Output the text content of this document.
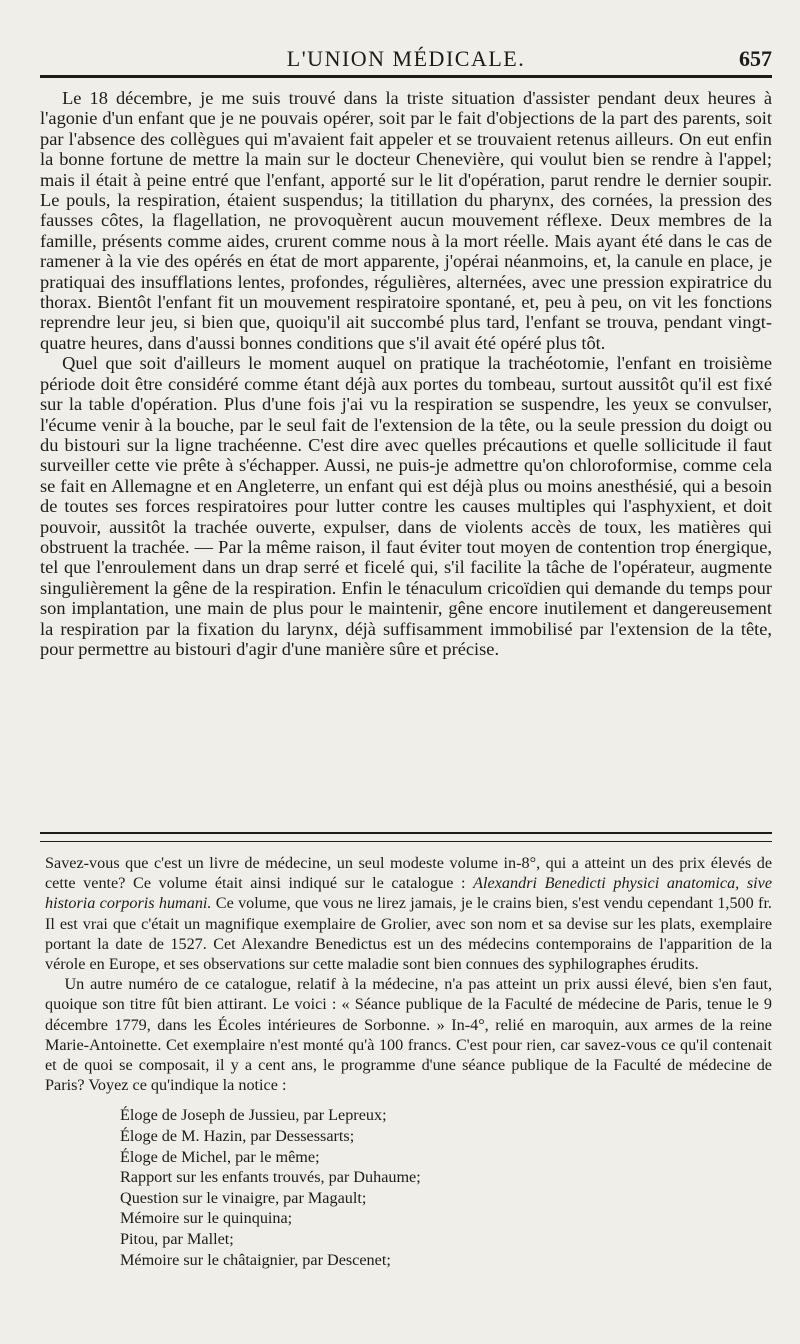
L'UNION MÉDICALE.	657

Le 18 décembre, je me suis trouvé dans la triste situation d'assister pendant deux heures à l'agonie d'un enfant que je ne pouvais opérer, soit par le fait d'objections de la part des parents, soit par l'absence des collègues qui m'avaient fait appeler et se trouvaient retenus ailleurs. On eut enfin la bonne fortune de mettre la main sur le docteur Chenevière, qui voulut bien se rendre à l'appel; mais il était à peine entré que l'enfant, apporté sur le lit d'opération, parut rendre le dernier soupir. Le pouls, la respiration, étaient suspendus; la titillation du pharynx, des cornées, la pression des fausses côtes, la flagellation, ne provoquèrent aucun mouvement réflexe. Deux membres de la famille, présents comme aides, crurent comme nous à la mort réelle. Mais ayant été dans le cas de ramener à la vie des opérés en état de mort apparente, j'opérai néanmoins, et, la canule en place, je pratiquai des insufflations lentes, profondes, régulières, alternées, avec une pression expiratrice du thorax. Bientôt l'enfant fit un mouvement respiratoire spontané, et, peu à peu, on vit les fonctions reprendre leur jeu, si bien que, quoiqu'il ait succombé plus tard, l'enfant se trouva, pendant vingt-quatre heures, dans d'aussi bonnes conditions que s'il avait été opéré plus tôt.

Quel que soit d'ailleurs le moment auquel on pratique la trachéotomie, l'enfant en troisième période doit être considéré comme étant déjà aux portes du tombeau, surtout aussitôt qu'il est fixé sur la table d'opération. Plus d'une fois j'ai vu la respiration se suspendre, les yeux se convulser, l'écume venir à la bouche, par le seul fait de l'extension de la tête, ou la seule pression du doigt ou du bistouri sur la ligne trachéenne. C'est dire avec quelles précautions et quelle sollicitude il faut surveiller cette vie prête à s'échapper. Aussi, ne puis-je admettre qu'on chloroformise, comme cela se fait en Allemagne et en Angleterre, un enfant qui est déjà plus ou moins anesthésié, qui a besoin de toutes ses forces respiratoires pour lutter contre les causes multiples qui l'asphyxient, et doit pouvoir, aussitôt la trachée ouverte, expulser, dans de violents accès de toux, les matières qui obstruent la trachée. — Par la même raison, il faut éviter tout moyen de contention trop énergique, tel que l'enroulement dans un drap serré et ficelé qui, s'il facilite la tâche de l'opérateur, augmente singulièrement la gêne de la respiration. Enfin le ténaculum cricoïdien qui demande du temps pour son implantation, une main de plus pour le maintenir, gêne encore inutilement et dangereusement la respiration par la fixation du larynx, déjà suffisamment immobilisé par l'extension de la tête, pour permettre au bistouri d'agir d'une manière sûre et précise.

Savez-vous que c'est un livre de médecine, un seul modeste volume in-8°, qui a atteint un des prix élevés de cette vente? Ce volume était ainsi indiqué sur le catalogue : Alexandri Benedicti physici anatomica, sive historia corporis humani. Ce volume, que vous ne lirez jamais, je le crains bien, s'est vendu cependant 1,500 fr. Il est vrai que c'était un magnifique exemplaire de Grolier, avec son nom et sa devise sur les plats, exemplaire portant la date de 1527. Cet Alexandre Benedictus est un des médecins contemporains de l'apparition de la vérole en Europe, et ses observations sur cette maladie sont bien connues des syphilographes érudits.

Un autre numéro de ce catalogue, relatif à la médecine, n'a pas atteint un prix aussi élevé, bien s'en faut, quoique son titre fût bien attirant. Le voici : « Séance publique de la Faculté de médecine de Paris, tenue le 9 décembre 1779, dans les Écoles intérieures de Sorbonne. » In-4°, relié en maroquin, aux armes de la reine Marie-Antoinette. Cet exemplaire n'est monté qu'à 100 francs. C'est pour rien, car savez-vous ce qu'il contenait et de quoi se composait, il y a cent ans, le programme d'une séance publique de la Faculté de médecine de Paris? Voyez ce qu'indique la notice :

Éloge de Joseph de Jussieu, par Lepreux;
Éloge de M. Hazin, par Dessessarts;
Éloge de Michel, par le même;
Rapport sur les enfants trouvés, par Duhaume;
Question sur le vinaigre, par Magault;
Mémoire sur le quinquina;
Pitou, par Mallet;
Mémoire sur le châtaignier, par Descenet;
